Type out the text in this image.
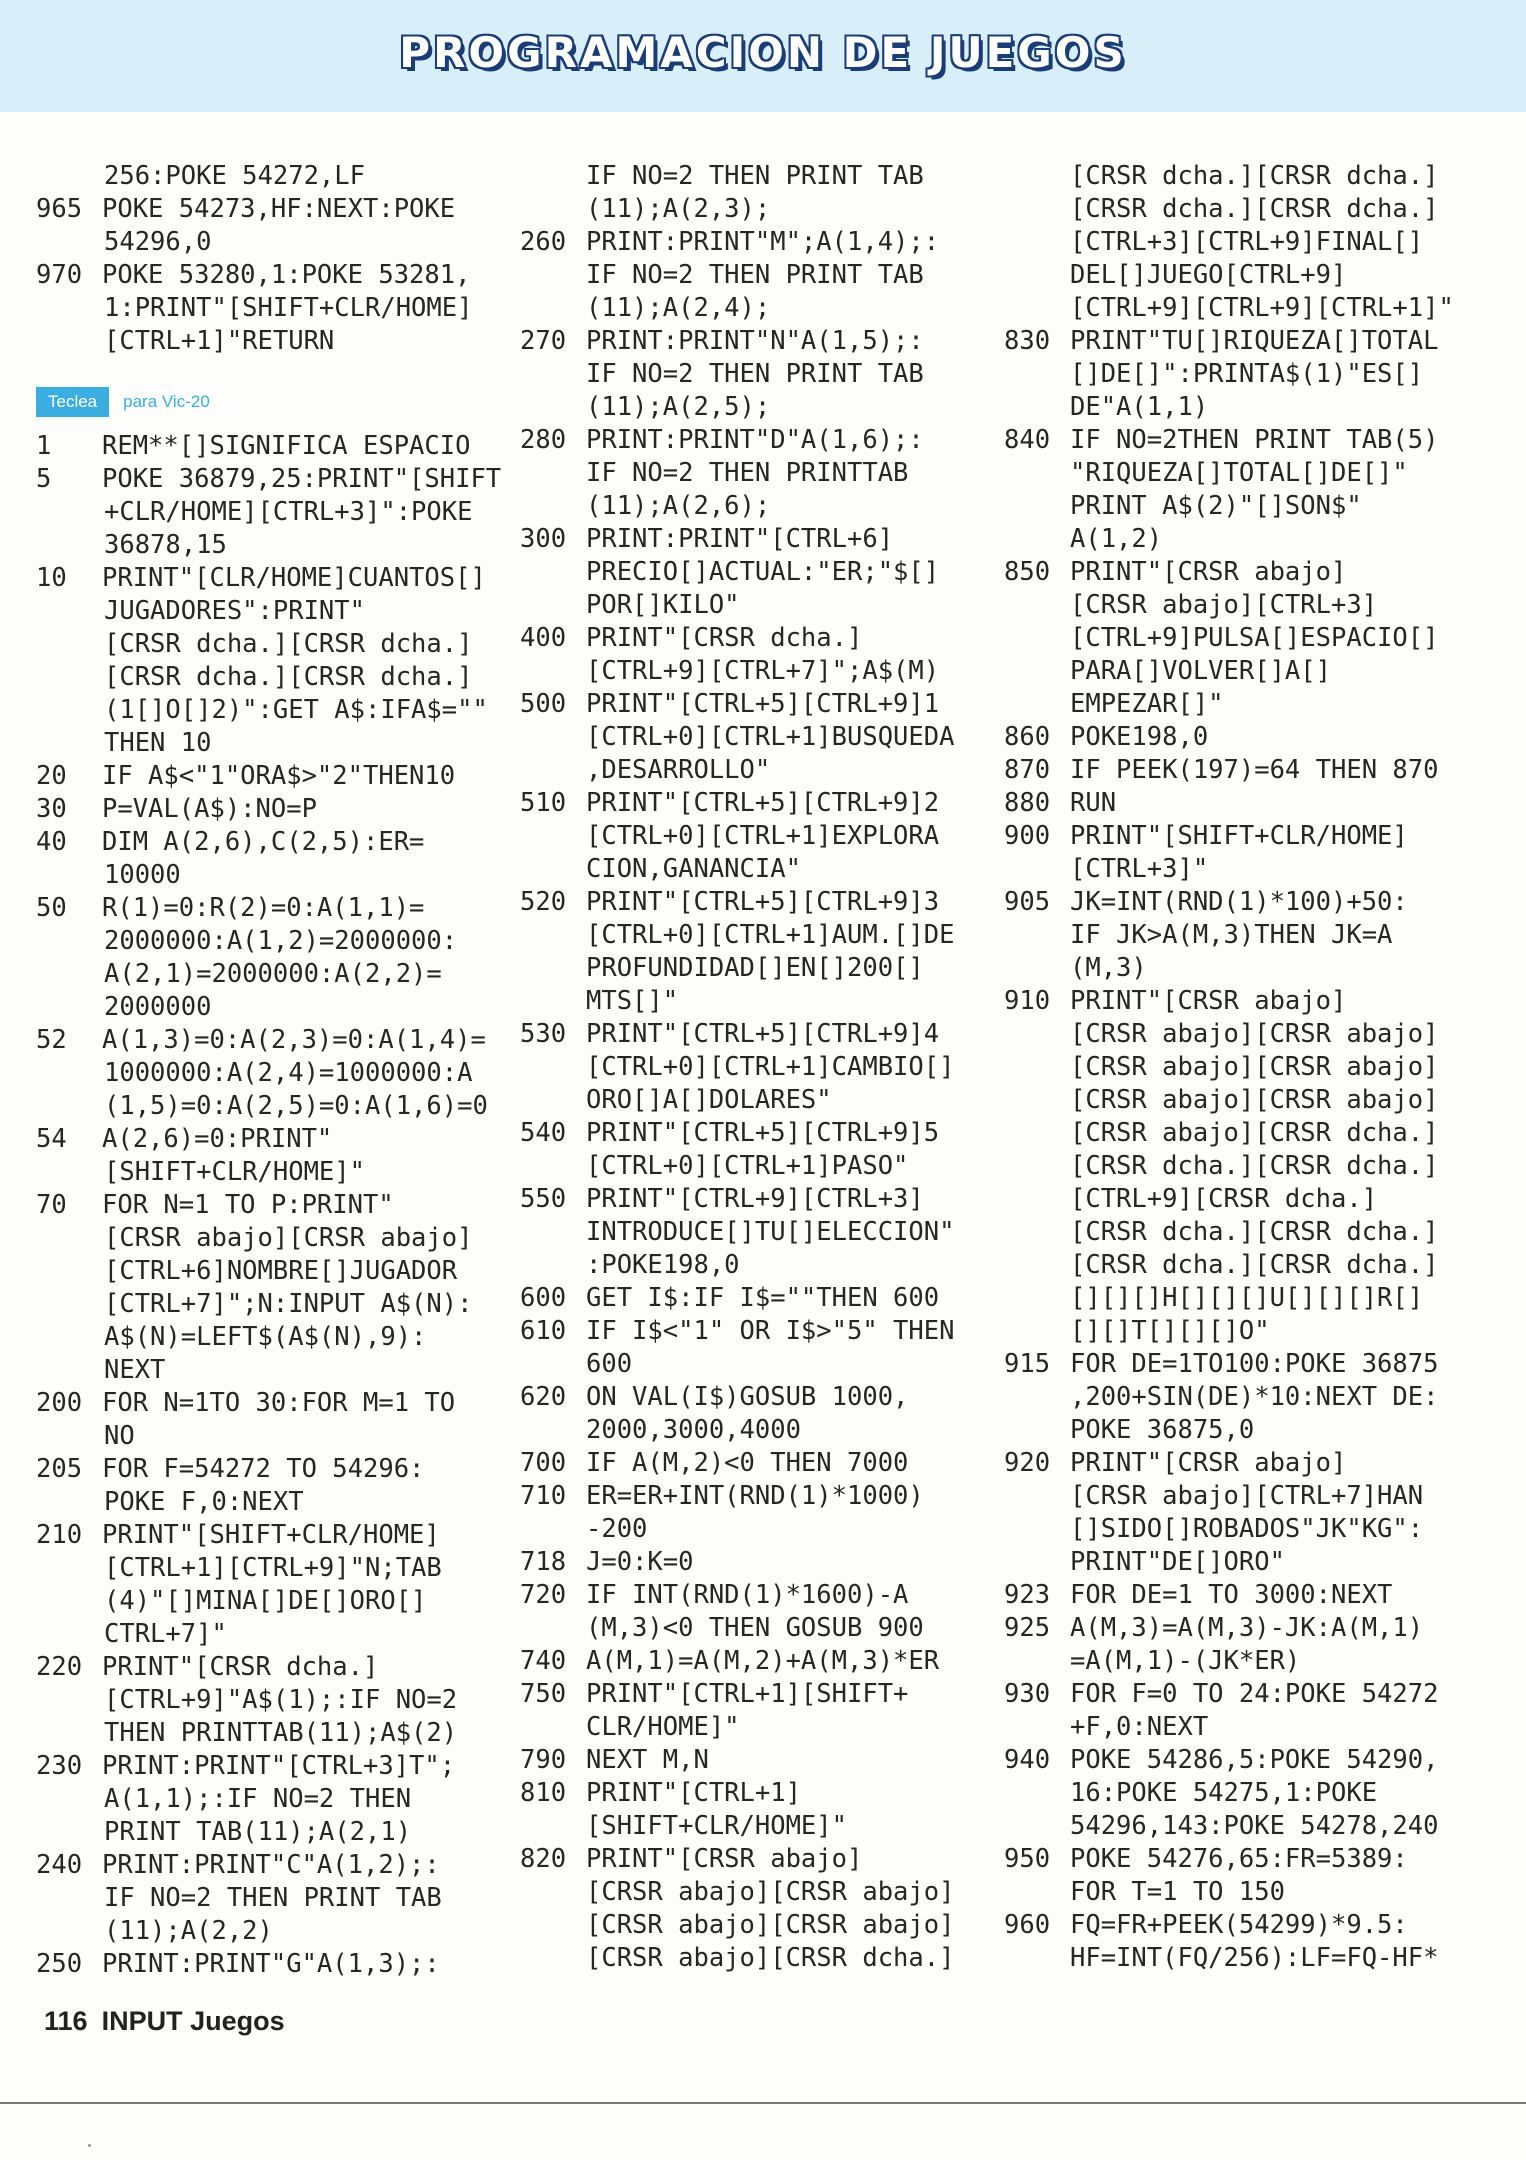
PROGRAMACION DE JUEGOS
256:POKE 54272,LF
965 POKE 54273,HF:NEXT:POKE
54296,0
970 POKE 53280,1:POKE 53281,
1:PRINT"[SHIFT+CLR/HOME]
[CTRL+1]"RETURN
Teclea	para Vic-20
1	REM**[]SIGNIFICA ESPACIO
5	POKE 36879,25:PRINT"[SHIFT
+CLR/HOME][CTRL+3]":POKE
36878,15
10	PRINT"[CLR/HOME]CUANTOS[]
JUGADORES":PRINT"
[CRSR dcha.][CRSR dcha.]
[CRSR dcha.][CRSR dcha.]
(1[]O[]2)":GET A$:IFA$=""
THEN 10
20	IF A$<"1"ORA$>"2"THEN10
30	P=VAL(A$):NO=P
40	DIM A(2,6),C(2,5):ER=
10000
50	R(1)=0:R(2)=0:A(1,1)=
2000000:A(1,2)=2000000:
A(2,1)=2000000:A(2,2)=
2000000
52	A(1,3)=0:A(2,3)=0:A(1,4)=
1000000:A(2,4)=1000000:A
(1,5)=0:A(2,5)=0:A(1,6)=0
54	A(2,6)=0:PRINT"
[SHIFT+CLR/HOME]"
70	FOR N=1 TO P:PRINT"
[CRSR abajo][CRSR abajo]
[CTRL+6]NOMBRE[]JUGADOR
[CTRL+7]";N:INPUT A$(N):
A$(N)=LEFT$(A$(N),9):
NEXT
200 FOR N=1TO 30:FOR M=1 TO
NO
205 FOR F=54272 TO 54296:
POKE F,0:NEXT
210 PRINT"[SHIFT+CLR/HOME]
[CTRL+1][CTRL+9]"N;TAB
(4)"[]MINA[]DE[]ORO[]
CTRL+7]"
220 PRINT"[CRSR dcha.]
[CTRL+9]"A$(1);:IF NO=2
THEN PRINTTAB(11);A$(2)
230 PRINT:PRINT"[CTRL+3]T";
A(1,1);:IF NO=2 THEN
PRINT TAB(11);A(2,1)
240 PRINT:PRINT"C"A(1,2);:
IF NO=2 THEN PRINT TAB
(11);A(2,2)
250 PRINT:PRINT"G"A(1,3);:
IF NO=2 THEN PRINT TAB
(11);A(2,3);
260 PRINT:PRINT"M";A(1,4);:
IF NO=2 THEN PRINT TAB
(11);A(2,4);
270 PRINT:PRINT"N"A(1,5);:
IF NO=2 THEN PRINT TAB
(11);A(2,5);
280 PRINT:PRINT"D"A(1,6);:
IF NO=2 THEN PRINTTAB
(11);A(2,6);
300 PRINT:PRINT"[CTRL+6]
PRECIO[]ACTUAL:"ER;"$[]
POR[]KILO"
400 PRINT"[CRSR dcha.]
[CTRL+9][CTRL+7]";A$(M)
500 PRINT"[CTRL+5][CTRL+9]1
[CTRL+0][CTRL+1]BUSQUEDA
,DESARROLLO"
510 PRINT"[CTRL+5][CTRL+9]2
[CTRL+0][CTRL+1]EXPLORA
CION,GANANCIA"
520 PRINT"[CTRL+5][CTRL+9]3
[CTRL+0][CTRL+1]AUM.[]DE
PROFUNDIDAD[]EN[]200[]
MTS[]"
530 PRINT"[CTRL+5][CTRL+9]4
[CTRL+0][CTRL+1]CAMBIO[]
ORO[]A[]DOLARES"
540 PRINT"[CTRL+5][CTRL+9]5
[CTRL+0][CTRL+1]PASO"
550 PRINT"[CTRL+9][CTRL+3]
INTRODUCE[]TU[]ELECCION"
:POKE198,0
600 GET I$:IF I$=""THEN 600
610 IF I$<"1" OR I$>"5" THEN
600
620 ON VAL(I$)GOSUB 1000,
2000,3000,4000
700 IF A(M,2)<0 THEN 7000
710 ER=ER+INT(RND(1)*1000)
-200
718 J=0:K=0
720 IF INT(RND(1)*1600)-A
(M,3)<0 THEN GOSUB 900
740 A(M,1)=A(M,2)+A(M,3)*ER
750 PRINT"[CTRL+1][SHIFT+
CLR/HOME]"
790 NEXT M,N
810 PRINT"[CTRL+1]
[SHIFT+CLR/HOME]"
820 PRINT"[CRSR abajo]
[CRSR abajo][CRSR abajo]
[CRSR abajo][CRSR abajo]
[CRSR abajo][CRSR dcha.]
[CRSR dcha.][CRSR dcha.]
[CRSR dcha.][CRSR dcha.]
[CTRL+3][CTRL+9]FINAL[]
DEL[]JUEGO[CTRL+9]
[CTRL+9][CTRL+9][CTRL+1]"
830 PRINT"TU[]RIQUEZA[]TOTAL
[]DE[]":PRINTA$(1)"ES[]
DE"A(1,1)
840 IF NO=2THEN PRINT TAB(5)
"RIQUEZA[]TOTAL[]DE[]"
PRINT A$(2)"[]SON$"
A(1,2)
850 PRINT"[CRSR abajo]
[CRSR abajo][CTRL+3]
[CTRL+9]PULSA[]ESPACIO[]
PARA[]VOLVER[]A[]
EMPEZAR[]"
860 POKE198,0
870 IF PEEK(197)=64 THEN 870
880 RUN
900 PRINT"[SHIFT+CLR/HOME]
[CTRL+3]"
905 JK=INT(RND(1)*100)+50:
IF JK>A(M,3)THEN JK=A
(M,3)
910 PRINT"[CRSR abajo]
[CRSR abajo][CRSR abajo]
[CRSR abajo][CRSR abajo]
[CRSR abajo][CRSR abajo]
[CRSR abajo][CRSR dcha.]
[CRSR dcha.][CRSR dcha.]
[CTRL+9][CRSR dcha.]
[CRSR dcha.][CRSR dcha.]
[CRSR dcha.][CRSR dcha.]
[][][]H[][][]U[][][]R[]
[][]T[][][]O"
915 FOR DE=1TO100:POKE 36875
,200+SIN(DE)*10:NEXT DE:
POKE 36875,0
920 PRINT"[CRSR abajo]
[CRSR abajo][CTRL+7]HAN
[]SIDO[]ROBADOS"JK"KG":
PRINT"DE[]ORO"
923 FOR DE=1 TO 3000:NEXT
925 A(M,3)=A(M,3)-JK:A(M,1)
=A(M,1)-(JK*ER)
930 FOR F=0 TO 24:POKE 54272
+F,0:NEXT
940 POKE 54286,5:POKE 54290,
16:POKE 54275,1:POKE
54296,143:POKE 54278,240
950 POKE 54276,65:FR=5389:
FOR T=1 TO 150
960 FQ=FR+PEEK(54299)*9.5:
HF=INT(FQ/256):LF=FQ-HF*
116 INPUT Juegos
